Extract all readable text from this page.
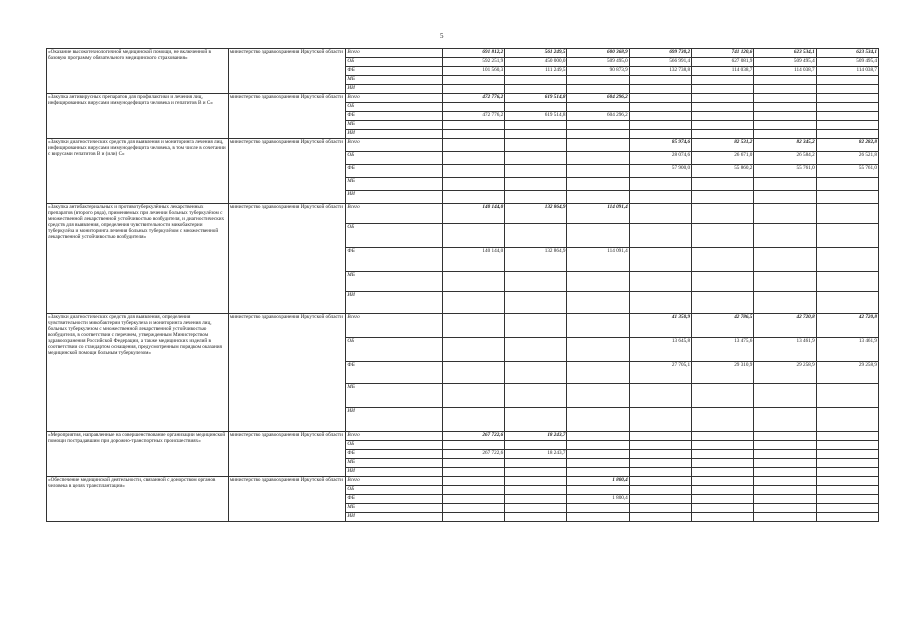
5
«Оказание высокотехнологичной медицинской помощи, не включенной в базовую программу обязательного медицинского страхования»	министерство здравоохранения Иркутской области	Всего	691 812,2	561 249,5	600 368,9	699 730,2	741 120,6	623 534,1	623 534,1
		ОБ	592 251,9	450 000,0	509 495,0	566 991,4	627 081,9	509 495,4	509 495,4
		ФБ	101 560,3	111 249,5	90 873,9	132 738,8	114 038,7	114 038,7	114 038,7
		МБ							
		ИИ							
«Закупка антивирусных препаратов для профилактики и лечения лиц, инфицированных вирусами иммунодефицита человека и гепатитов В и С»	министерство здравоохранения Иркутской области	Всего	472 776,2	619 514,8	604 296,2				
		ОБ							
		ФБ	472 776,2	619 514,8	604 296,2				
		МБ							
		ИИ							
«Закупки диагностических средств для выявления и мониторинга лечения лиц, инфицированных вирусами иммунодефицита человека, в том числе в сочетании с вирусами гепатитов В и (или) С»	министерство здравоохранения Иркутской области	Всего				85 974,6	82 531,2	82 345,2	82 282,8
		ОБ				28 074,6	26 671,0	26 584,2	26 521,8
		ФБ				57 900,0	55 860,2	55 761,0	55 761,0
		МБ							
		ИИ							
«Закупка антибактериальных и противотуберкулёзных лекарственных препаратов (второго ряда), применяемых при лечении больных туберкулёзом с множественной лекарственной устойчивостью возбудителя, и диагностических средств для выявления, определения чувствительности микобактерии туберкулёза и мониторинга лечения больных туберкулёзом с множественной лекарственной устойчивостью возбудителя»	министерство здравоохранения Иркутской области	Всего	140 144,0	132 864,9	114 091,4				
		ОБ							
		ФБ	140 144,0	132 864,9	114 091,4				
		МБ							
		ИИ							
«Закупки диагностических средств для выявления, определения чувствительности микобактерии туберкулеза и мониторинга лечения лиц, больных туберкулезом с множественной лекарственной устойчивостью возбудителя, в соответствии с перечнем, утвержденным Министерством здравоохранения Российской Федерации, а также медицинских изделий в соответствии со стандартом оснащения, предусмотренным порядком оказания медицинской помощи больным туберкулезом»	министерство здравоохранения Иркутской области	Всего				41 350,9	42 786,5	42 720,8	42 720,8
		ОБ				13 645,8	13 475,6	13 461,9	13 461,9
		ФБ				27 705,1	29 310,9	29 258,9	29 258,9
		МБ							
		ИИ							
«Мероприятия, направленные на совершенствование организации медицинской помощи пострадавшим при дорожно-транспортных происшествиях»	министерство здравоохранения Иркутской области	Всего	267 722,6	18 243,7					
		ОБ							
		ФБ	267 722,6	18 243,7					
		МБ							
		ИИ							
«Обеспечение медицинской деятельности, связанной с донорством органов человека в целях трансплантации»	министерство здравоохранения Иркутской области	Всего			1 800,4				
		ОБ							
		ФБ			1 800,4				
		МБ							
		ИИ							
